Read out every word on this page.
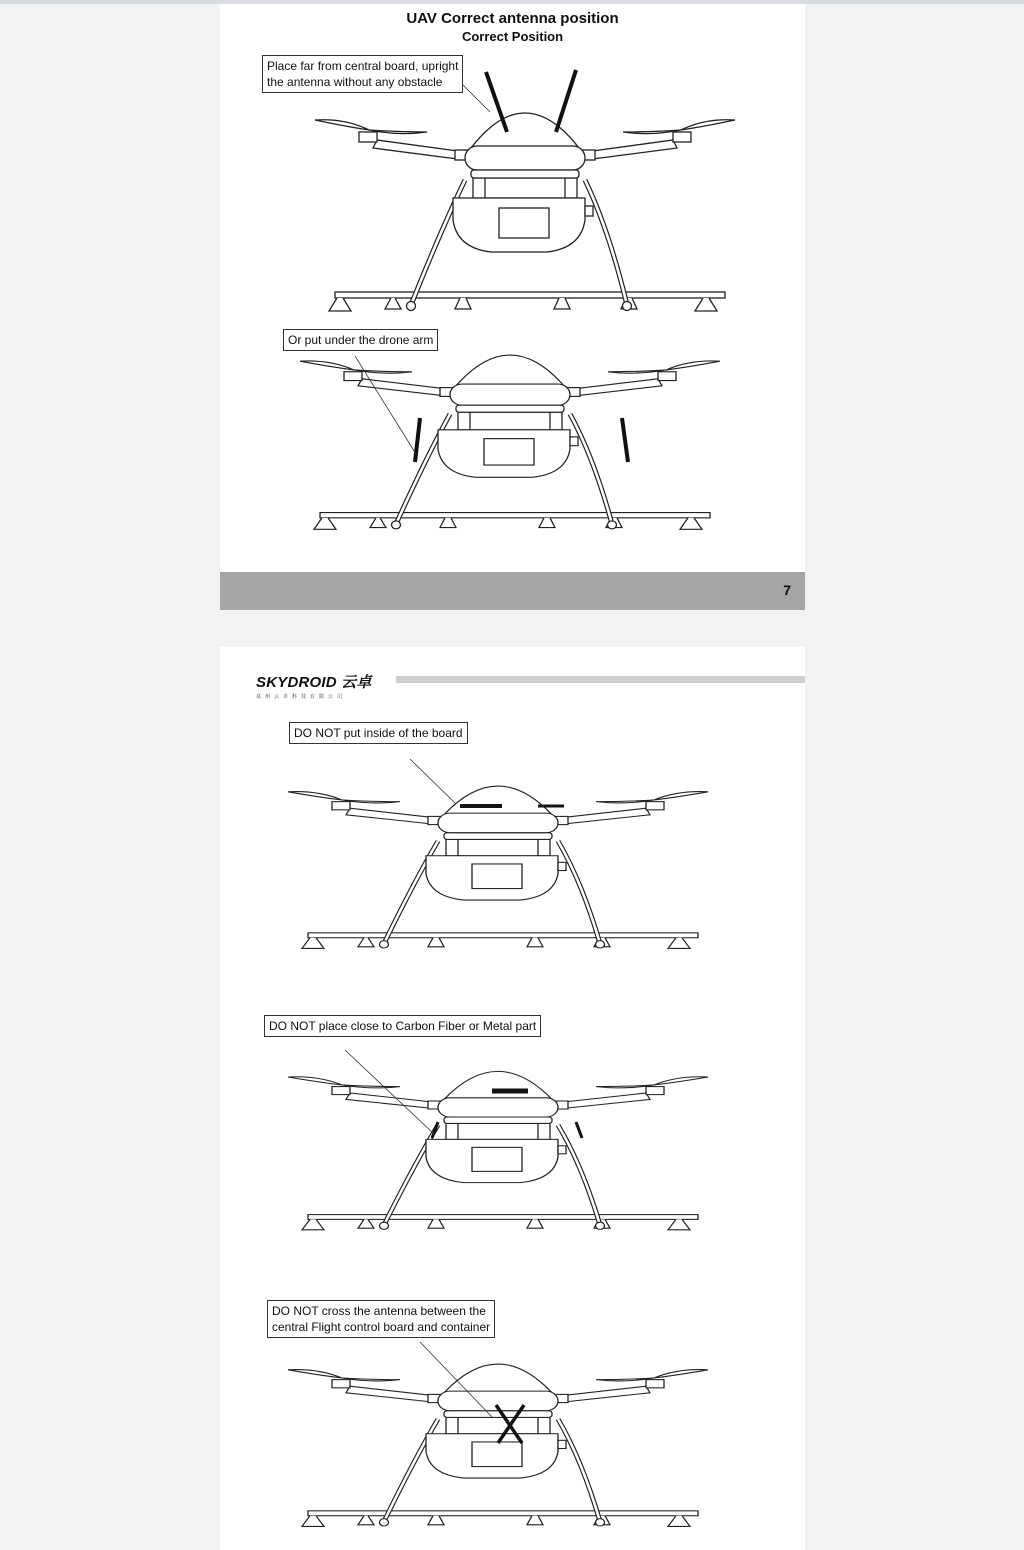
UAV Correct antenna position
Correct Position
Place far from central board, upright
the antenna without any obstacle
Or put under the drone arm
7
SKYDROID 云卓
泉州云卓科技有限公司
DO NOT put inside of the board
DO NOT place close to Carbon Fiber or Metal part
DO NOT cross the antenna between the
central Flight control board and container
